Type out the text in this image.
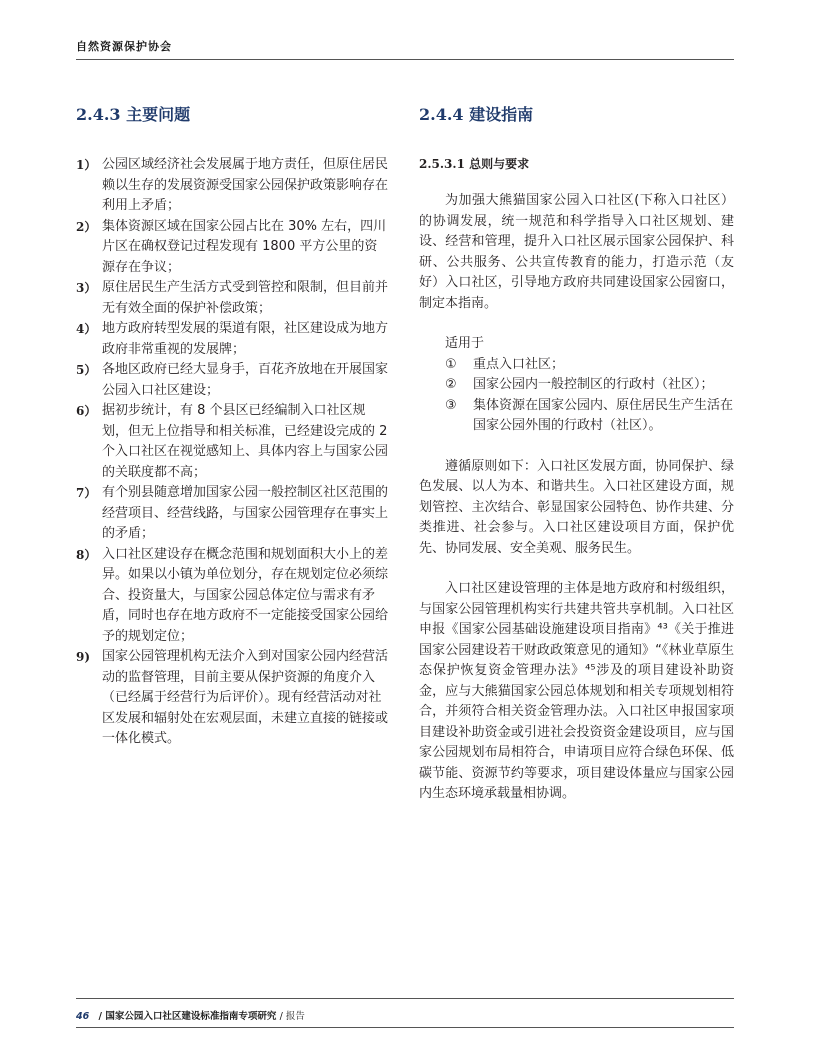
自然资源保护协会
2.4.3 主要问题
1） 公园区域经济社会发展属于地方责任，但原住居民赖以生存的发展资源受国家公园保护政策影响存在利用上矛盾；
2） 集体资源区域在国家公园占比在 30% 左右，四川片区在确权登记过程发现有 1800 平方公里的资源存在争议；
3） 原住居民生产生活方式受到管控和限制，但目前并无有效全面的保护补偿政策；
4） 地方政府转型发展的渠道有限，社区建设成为地方政府非常重视的发展牌；
5） 各地区政府已经大显身手，百花齐放地在开展国家公园入口社区建设；
6） 据初步统计，有 8 个县区已经编制入口社区规划，但无上位指导和相关标准，已经建设完成的 2 个入口社区在视觉感知上、具体内容上与国家公园的关联度都不高；
7） 有个别县随意增加国家公园一般控制区社区范围的经营项目、经营线路，与国家公园管理存在事实上的矛盾；
8） 入口社区建设存在概念范围和规划面积大小上的差异。如果以小镇为单位划分，存在规划定位必须综合、投资量大，与国家公园总体定位与需求有矛盾，同时也存在地方政府不一定能接受国家公园给予的规划定位；
9) 国家公园管理机构无法介入到对国家公园内经营活动的监督管理，目前主要从保护资源的角度介入（已经属于经营行为后评价）。现有经营活动对社区发展和辐射处在宏观层面，未建立直接的链接或一体化模式。
2.4.4 建设指南
2.5.3.1 总则与要求

为加强大熊猫国家公园入口社区(下称入口社区）的协调发展，统一规范和科学指导入口社区规划、建设、经营和管理，提升入口社区展示国家公园保护、科研、公共服务、公共宣传教育的能力，打造示范（友好）入口社区，引导地方政府共同建设国家公园窗口，制定本指南。

适用于
① 重点入口社区；
② 国家公园内一般控制区的行政村（社区）；
③ 集体资源在国家公园内、原住居民生产生活在国家公园外围的行政村（社区）。

遵循原则如下：入口社区发展方面，协同保护、绿色发展、以人为本、和谐共生。入口社区建设方面，规划管控、主次结合、彰显国家公园特色、协作共建、分类推进、社会参与。入口社区建设项目方面，保护优先、协同发展、安全美观、服务民生。

入口社区建设管理的主体是地方政府和村级组织，与国家公园管理机构实行共建共管共享机制。入口社区申报《国家公园基础设施建设项目指南》⁴³《关于推进国家公园建设若干财政政策意见的通知》“《林业草原生态保护恢复资金管理办法》⁴⁵涉及的项目建设补助资金，应与大熊猫国家公园总体规划和相关专项规划相符合，并须符合相关资金管理办法。入口社区申报国家项目建设补助资金或引进社会投资资金建设项目，应与国家公园规划布局相符合，申请项目应符合绿色环保、低碳节能、资源节约等要求，项目建设体量应与国家公园内生态环境承载量相协调。

46 / 国家公园入口社区建设标准指南专项研究 / 报告
